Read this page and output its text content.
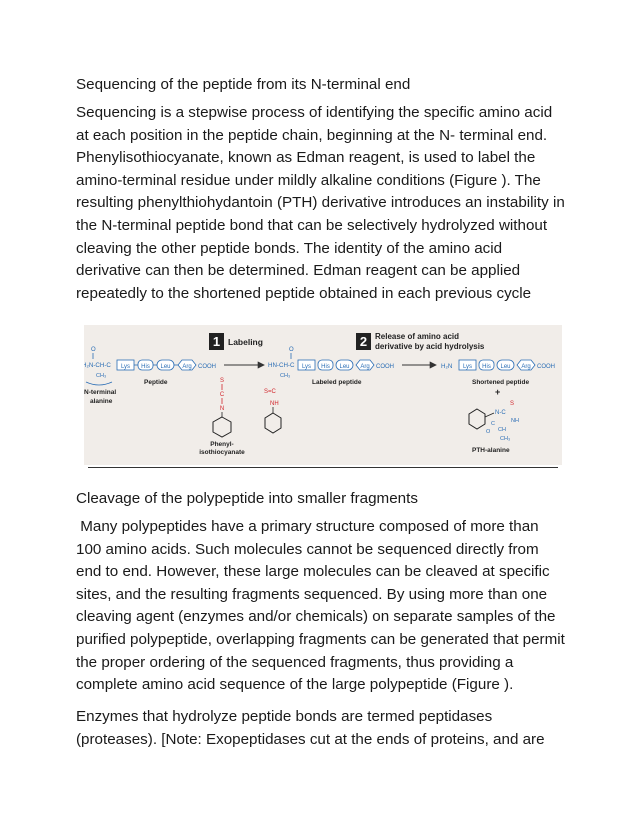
Sequencing of the peptide from its N-terminal end
Sequencing is a stepwise process of identifying the specific amino acid at each position in the peptide chain, beginning at the N- terminal end. Phenylisothiocyanate, known as Edman reagent, is used to label the amino-terminal residue under mildly alkaline conditions (Figure ). The resulting phenylthiohydantoin (PTH) derivative introduces an instability in the N-terminal peptide bond that can be selectively hydrolyzed without cleaving the other peptide bonds. The identity of the amino acid derivative can then be determined. Edman reagent can be applied repeatedly to the shortened peptide obtained in each previous cycle
1 Labeling	2 Release of amino acid
derivative by acid hydrolysis
O
H₂N-CH-C
CH₃
N-terminal
alanine
Lys His Leu Arg COOH
Peptide	S
C
N
Phenyl-
isothiocyanate
O
HN-CH-C
CH₃
Lys His Leu Arg COOH
Labeled peptide
S=C
NH
H₂N Lys His Leu Arg COOH
Shortened peptide
+
S
N-C
NH
C
CH
CH₃
O
PTH-alanine
Cleavage of the polypeptide into smaller fragments
Many polypeptides have a primary structure composed of more than 100 amino acids. Such molecules cannot be sequenced directly from end to end. However, these large molecules can be cleaved at specific sites, and the resulting fragments sequenced. By using more than one cleaving agent (enzymes and/or chemicals) on separate samples of the purified polypeptide, overlapping fragments can be generated that permit the proper ordering of the sequenced fragments, thus providing a complete amino acid sequence of the large polypeptide (Figure ).
Enzymes that hydrolyze peptide bonds are termed peptidases (proteases). [Note: Exopeptidases cut at the ends of proteins, and are
